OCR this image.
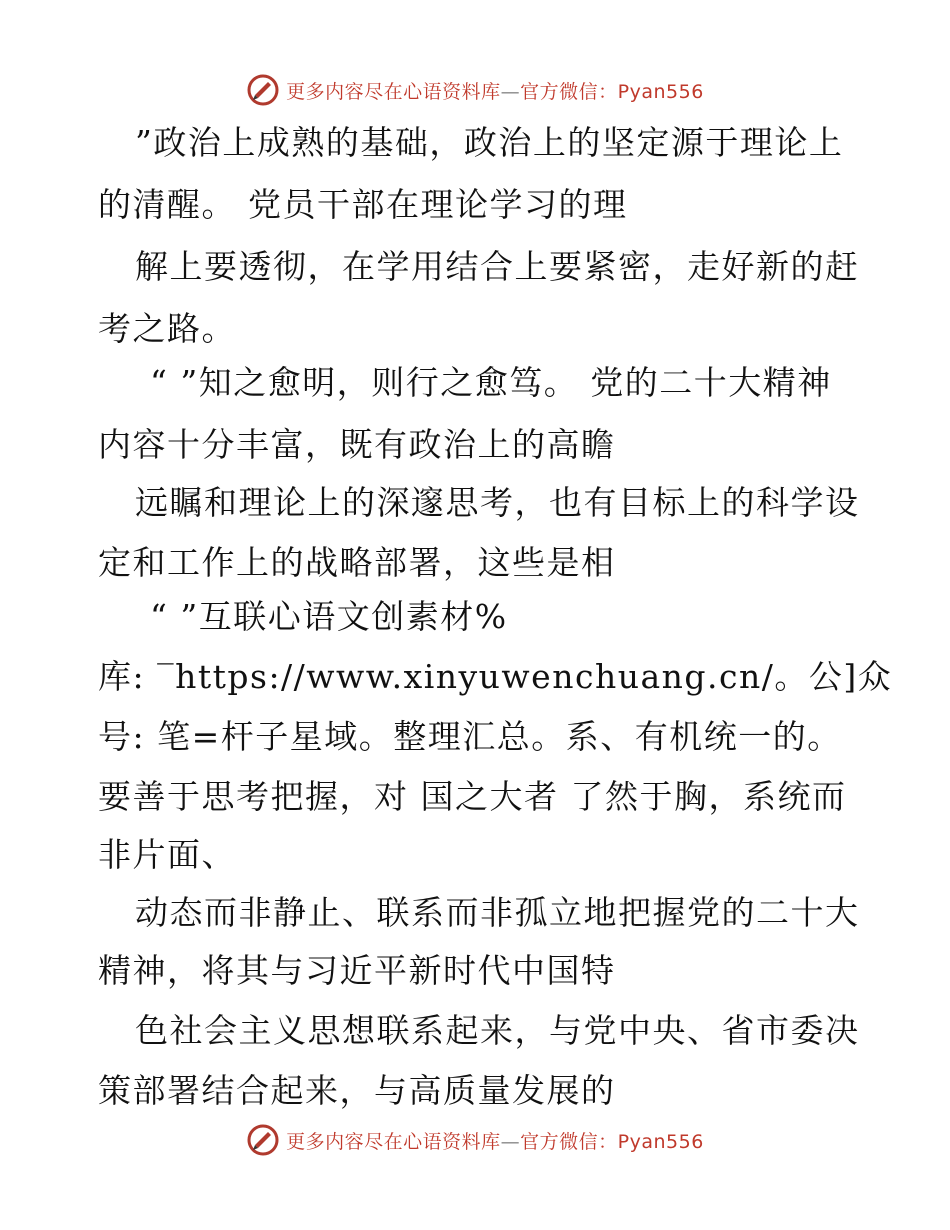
更多内容尽在心语资料库—官方微信：Pyan556
”政治上成熟的基础，政治上的坚定源于理论上
的清醒。 党员干部在理论学习的理
解上要透彻，在学用结合上要紧密，走好新的赶
考之路。
“ ”知之愈明，则行之愈笃。 党的二十大精神
内容十分丰富，既有政治上的高瞻
远瞩和理论上的深邃思考，也有目标上的科学设
定和工作上的战略部署，这些是相
“ ”互联心语文创素材%
库: ‾https://www.xinyuwenchuang.cn/。公]众
号: 笔=杆子星域。整理汇总。系、有机统一的。
要善于思考把握，对 国之大者 了然于胸，系统而
非片面、
动态而非静止、联系而非孤立地把握党的二十大
精神，将其与习近平新时代中国特
色社会主义思想联系起来，与党中央、省市委决
策部署结合起来，与高质量发展的
更多内容尽在心语资料库—官方微信：Pyan556
